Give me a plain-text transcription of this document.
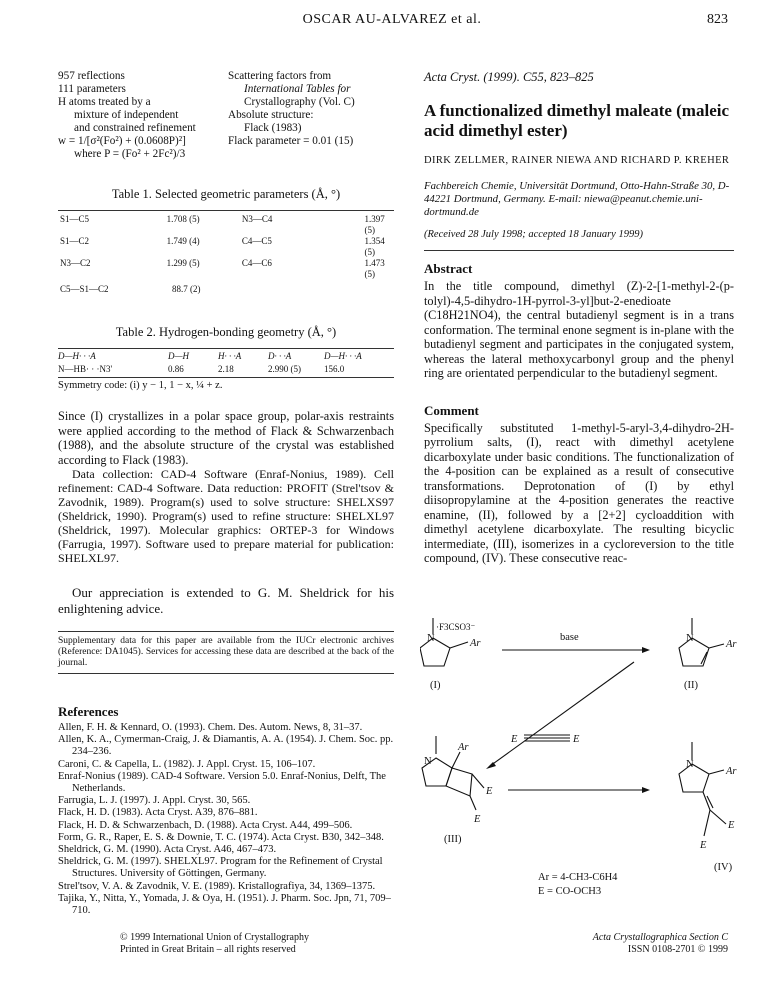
OSCAR AU-ALVAREZ et al.	823
957 reflections
111 parameters
H atoms treated by a
mixture of independent
and constrained refinement
w = 1/[σ²(Fo²) + (0.0608P)²]
where P = (Fo² + 2Fc²)/3
Scattering factors from
International Tables for
Crystallography (Vol. C)
Absolute structure:
Flack (1983)
Flack parameter = 0.01 (15)
Table 1. Selected geometric parameters (Å, °)
S1—C5	1.708 (5)	N3—C4	1.397 (5)
S1—C2	1.749 (4)	C4—C5	1.354 (5)
N3—C2	1.299 (5)	C4—C6	1.473 (5)
C5—S1—C2	88.7 (2)
Table 2. Hydrogen-bonding geometry (Å, °)
D—H· · ·A	D—H	H· · ·A	D· · ·A	D—H· · ·A
N—HB· · ·N3'	0.86	2.18	2.990 (5)	156.0
Symmetry code: (i) y − 1, 1 − x, ¼ + z.

Since (I) crystallizes in a polar space group, polar-axis restraints were applied according to the method of Flack & Schwarzenbach (1988), and the absolute structure of the crystal was established according to Flack (1983).

Data collection: CAD-4 Software (Enraf-Nonius, 1989). Cell refinement: CAD-4 Software. Data reduction: PROFIT (Strel'tsov & Zavodnik, 1989). Program(s) used to solve structure: SHELXS97 (Sheldrick, 1990). Program(s) used to refine structure: SHELXL97 (Sheldrick, 1997). Molecular graphics: ORTEP-3 for Windows (Farrugia, 1997). Software used to prepare material for publication: SHELXL97.

Our appreciation is extended to G. M. Sheldrick for his enlightening advice.

Supplementary data for this paper are available from the IUCr electronic archives (Reference: DA1045). Services for accessing these data are described at the back of the journal.

References
Allen, F. H. & Kennard, O. (1993). Chem. Des. Autom. News, 8, 31–37.
Allen, K. A., Cymerman-Craig, J. & Diamantis, A. A. (1954). J. Chem. Soc. pp. 234–236.
Caroni, C. & Capella, L. (1982). J. Appl. Cryst. 15, 106–107.
Enraf-Nonius (1989). CAD-4 Software. Version 5.0. Enraf-Nonius, Delft, The Netherlands.
Farrugia, L. J. (1997). J. Appl. Cryst. 30, 565.
Flack, H. D. (1983). Acta Cryst. A39, 876–881.
Flack, H. D. & Schwarzenbach, D. (1988). Acta Cryst. A44, 499–506.
Form, G. R., Raper, E. S. & Downie, T. C. (1974). Acta Cryst. B30, 342–348.
Sheldrick, G. M. (1990). Acta Cryst. A46, 467–473.
Sheldrick, G. M. (1997). SHELXL97. Program for the Refinement of Crystal Structures. University of Göttingen, Germany.
Strel'tsov, V. A. & Zavodnik, V. E. (1989). Kristallografiya, 34, 1369–1375.
Tajika, Y., Nitta, Y., Yomada, J. & Oya, H. (1951). J. Pharm. Soc. Jpn, 71, 709–710.
Acta Cryst. (1999). C55, 823–825
A functionalized dimethyl maleate (maleic acid dimethyl ester)
DIRK ZELLMER, RAINER NIEWA AND RICHARD P. KREHER
Fachbereich Chemie, Universität Dortmund, Otto-Hahn-Straße 30, D-44221 Dortmund, Germany. E-mail: niewa@peanut.chemie.uni-dortmund.de
(Received 28 July 1998; accepted 18 January 1999)
Abstract

In the title compound, dimethyl (Z)-2-[1-methyl-2-(p-tolyl)-4,5-dihydro-1H-pyrrol-3-yl]but-2-enedioate (C18H21NO4), the central butadienyl segment is in a trans conformation. The terminal enone segment is in-plane with the butadienyl segment and participates in the conjugated system, whereas the lateral methoxycarbonyl group and the phenyl ring are orientated perpendicular to the butadienyl segment.

Comment

Specifically substituted 1-methyl-5-aryl-3,4-dihydro-2H-pyrrolium salts, (I), react with dimethyl acetylene dicarboxylate under basic conditions. The functionalization of the 4-position can be explained as a result of consecutive transformations. Deprotonation of (I) by ethyl diisopropylamine at the 4-position generates the reactive enamine, (II), followed by a [2+2] cycloaddition with dimethyl acetylene dicarboxylate. The resulting bicyclic intermediate, (III), isomerizes in a cycloreversion to the title compound, (IV). These consecutive reac-

·F3CSO3⁻
N	Ar
(I)
base	N
Ar
(II)
E	E
N
Ar
E
E
(III)
N
Ar
E
E
(IV)
Ar = 4-CH3-C6H4
E = CO-OCH3
© 1999 International Union of Crystallography
Printed in Great Britain – all rights reserved
Acta Crystallographica Section C
ISSN 0108-2701 © 1999
